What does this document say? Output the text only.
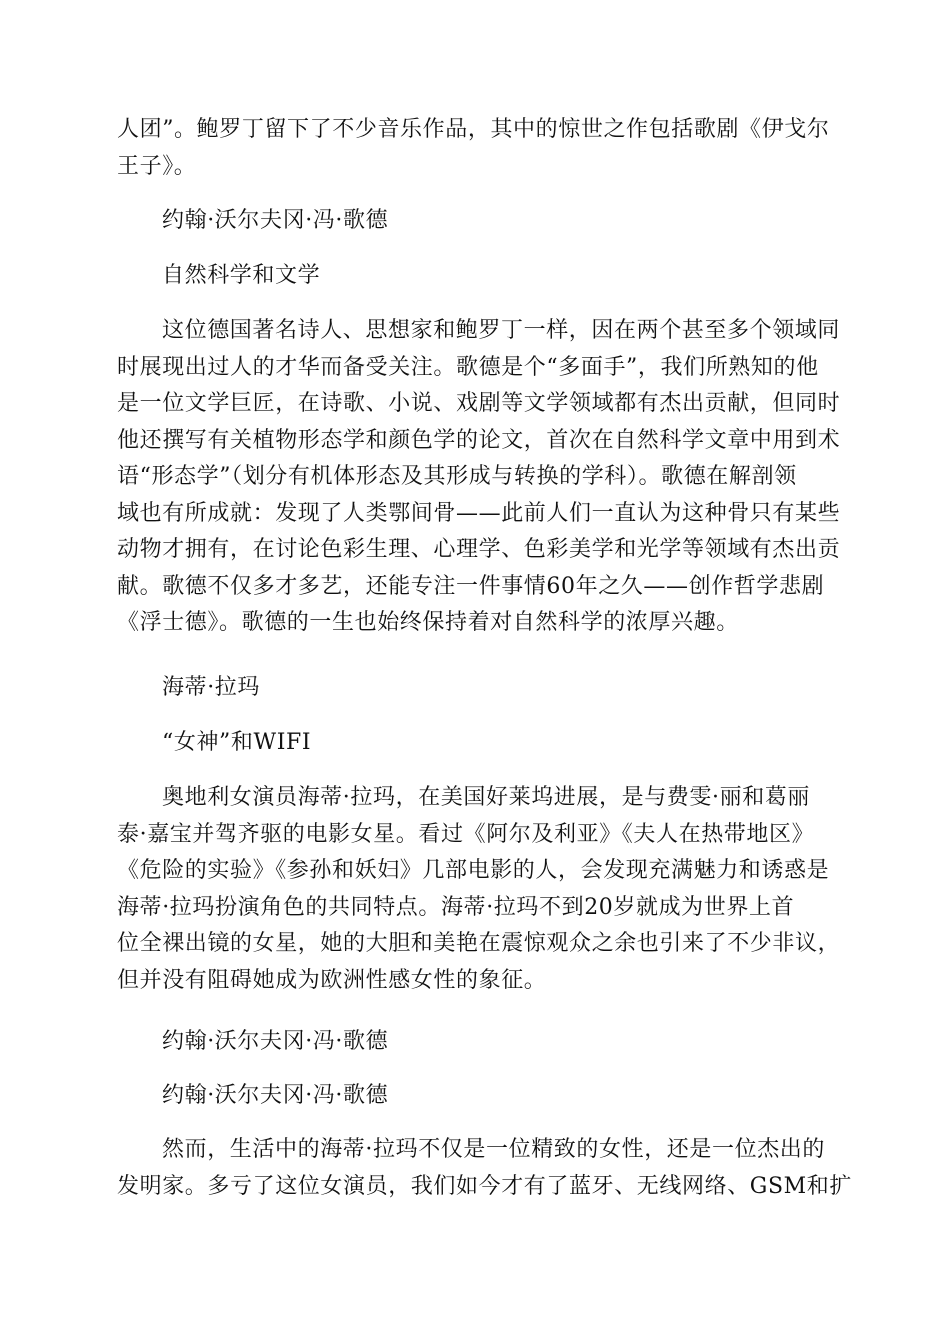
人团”。鲍罗丁留下了不少音乐作品，其中的惊世之作包括歌剧《伊戈尔
王子》。

约翰·沃尔夫冈·冯·歌德

自然科学和文学

这位德国著名诗人、思想家和鲍罗丁一样，因在两个甚至多个领域同
时展现出过人的才华而备受关注。歌德是个“多面手”，我们所熟知的他
是一位文学巨匠，在诗歌、小说、戏剧等文学领域都有杰出贡献，但同时
他还撰写有关植物形态学和颜色学的论文，首次在自然科学文章中用到术
语“形态学”（划分有机体形态及其形成与转换的学科）。歌德在解剖领
域也有所成就：发现了人类鄂间骨——此前人们一直认为这种骨只有某些
动物才拥有，在讨论色彩生理、心理学、色彩美学和光学等领域有杰出贡
献。歌德不仅多才多艺，还能专注一件事情60年之久——创作哲学悲剧
《浮士德》。歌德的一生也始终保持着对自然科学的浓厚兴趣。

海蒂·拉玛

“女神”和WIFI

奥地利女演员海蒂·拉玛，在美国好莱坞进展，是与费雯·丽和葛丽
泰·嘉宝并驾齐驱的电影女星。看过《阿尔及利亚》《夫人在热带地区》
《危险的实验》《参孙和妖妇》几部电影的人，会发现充满魅力和诱惑是
海蒂·拉玛扮演角色的共同特点。海蒂·拉玛不到20岁就成为世界上首
位全裸出镜的女星，她的大胆和美艳在震惊观众之余也引来了不少非议，
但并没有阻碍她成为欧洲性感女性的象征。

约翰·沃尔夫冈·冯·歌德

约翰·沃尔夫冈·冯·歌德

然而，生活中的海蒂·拉玛不仅是一位精致的女性，还是一位杰出的
发明家。多亏了这位女演员，我们如今才有了蓝牙、无线网络、GSM和扩
